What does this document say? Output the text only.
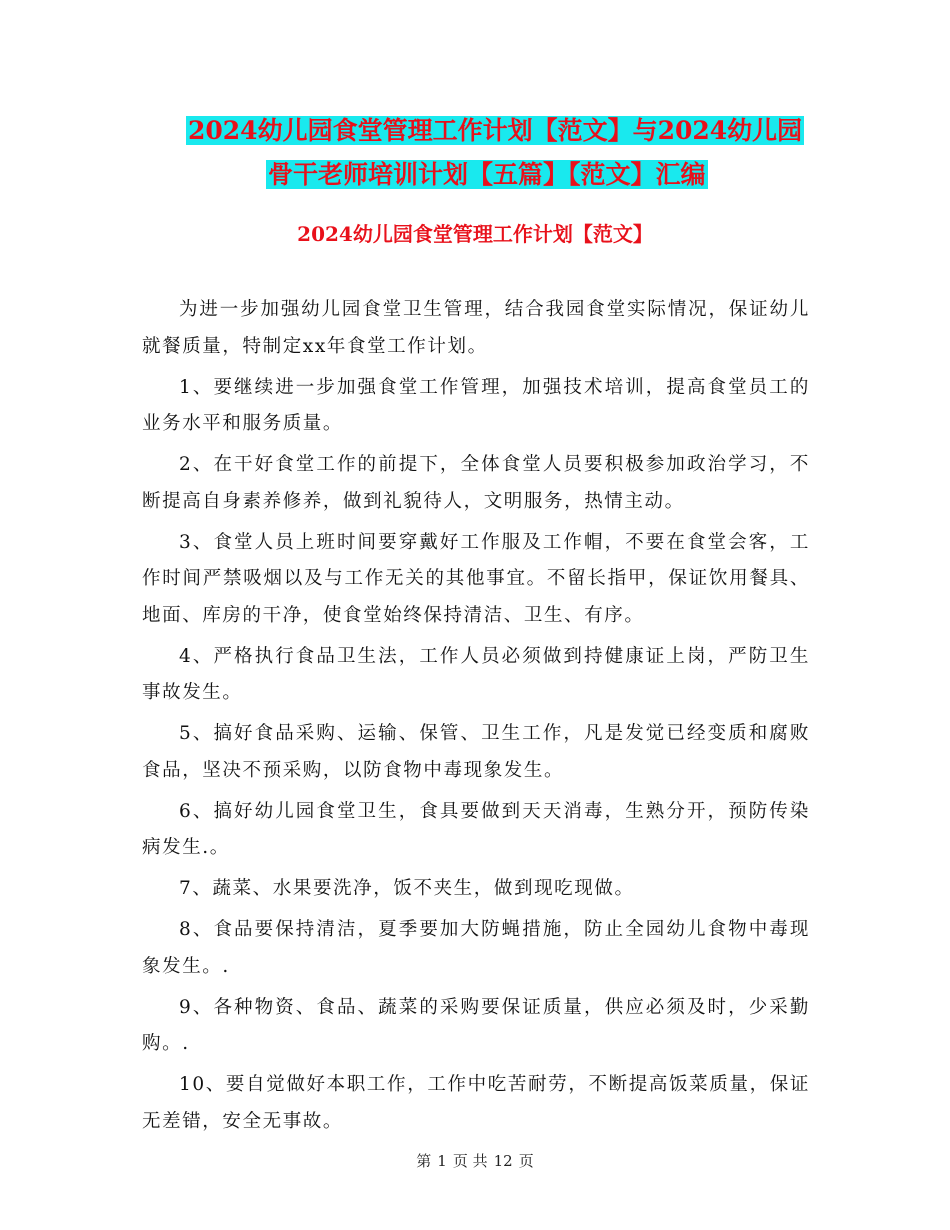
2024幼儿园食堂管理工作计划【范文】与2024幼儿园
骨干老师培训计划【五篇】【范文】汇编
2024幼儿园食堂管理工作计划【范文】

为进一步加强幼儿园食堂卫生管理，结合我园食堂实际情况，保证幼儿就餐质量，特制定xx年食堂工作计划。

1、要继续进一步加强食堂工作管理，加强技术培训，提高食堂员工的业务水平和服务质量。

2、在干好食堂工作的前提下，全体食堂人员要积极参加政治学习，不断提高自身素养修养，做到礼貌待人，文明服务，热情主动。

3、食堂人员上班时间要穿戴好工作服及工作帽，不要在食堂会客，工作时间严禁吸烟以及与工作无关的其他事宜。不留长指甲，保证饮用餐具、地面、库房的干净，使食堂始终保持清洁、卫生、有序。

4、严格执行食品卫生法，工作人员必须做到持健康证上岗，严防卫生事故发生。

5、搞好食品采购、运输、保管、卫生工作，凡是发觉已经变质和腐败食品，坚决不预采购，以防食物中毒现象发生。

6、搞好幼儿园食堂卫生，食具要做到天天消毒，生熟分开，预防传染病发生.。

7、蔬菜、水果要洗净，饭不夹生，做到现吃现做。

8、食品要保持清洁，夏季要加大防蝇措施，防止全园幼儿食物中毒现象发生。.

9、各种物资、食品、蔬菜的采购要保证质量，供应必须及时，少采勤购。.

10、要自觉做好本职工作，工作中吃苦耐劳，不断提高饭菜质量，保证无差错，安全无事故。

第 1 页 共 12 页
